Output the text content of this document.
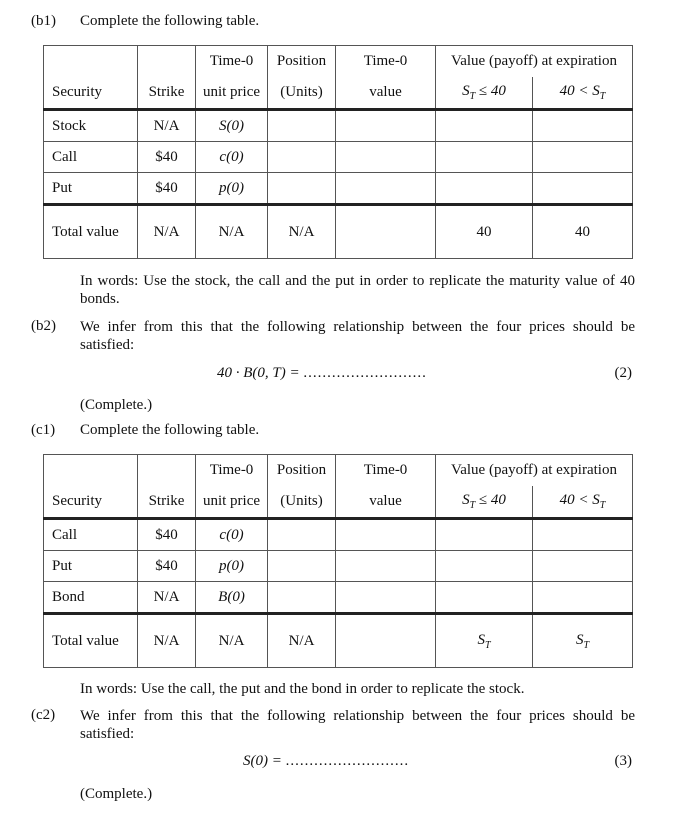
(b1) Complete the following table.
		Time-0	Position	Time-0	Value (payoff) at expiration	
Security	Strike	unit price	(Units)	value	$S_T \le 40$	$40 < S_T$
Stock	N/A	S(0)				
Call	$40	c(0)				
Put	$40	p(0)				
Total value	N/A	N/A	N/A		40	40
In words: Use the stock, the call and the put in order to replicate the maturity value of 40 bonds.
(b2) We infer from this that the following relationship between the four prices should be satisfied:
40 · B(0, T) = ..........................	(2)
(Complete.)
(c1) Complete the following table.
		Time-0	Position	Time-0	Value (payoff) at expiration	
Security	Strike	unit price	(Units)	value	$S_T \le 40$	$40 < S_T$
Call	$40	c(0)				
Put	$40	p(0)				
Bond	N/A	B(0)				
Total value	N/A	N/A	N/A		$S_T$	$S_T$
In words: Use the call, the put and the bond in order to replicate the stock.
(c2) We infer from this that the following relationship between the four prices should be satisfied:
S(0) = ..........................	(3)
(Complete.)
